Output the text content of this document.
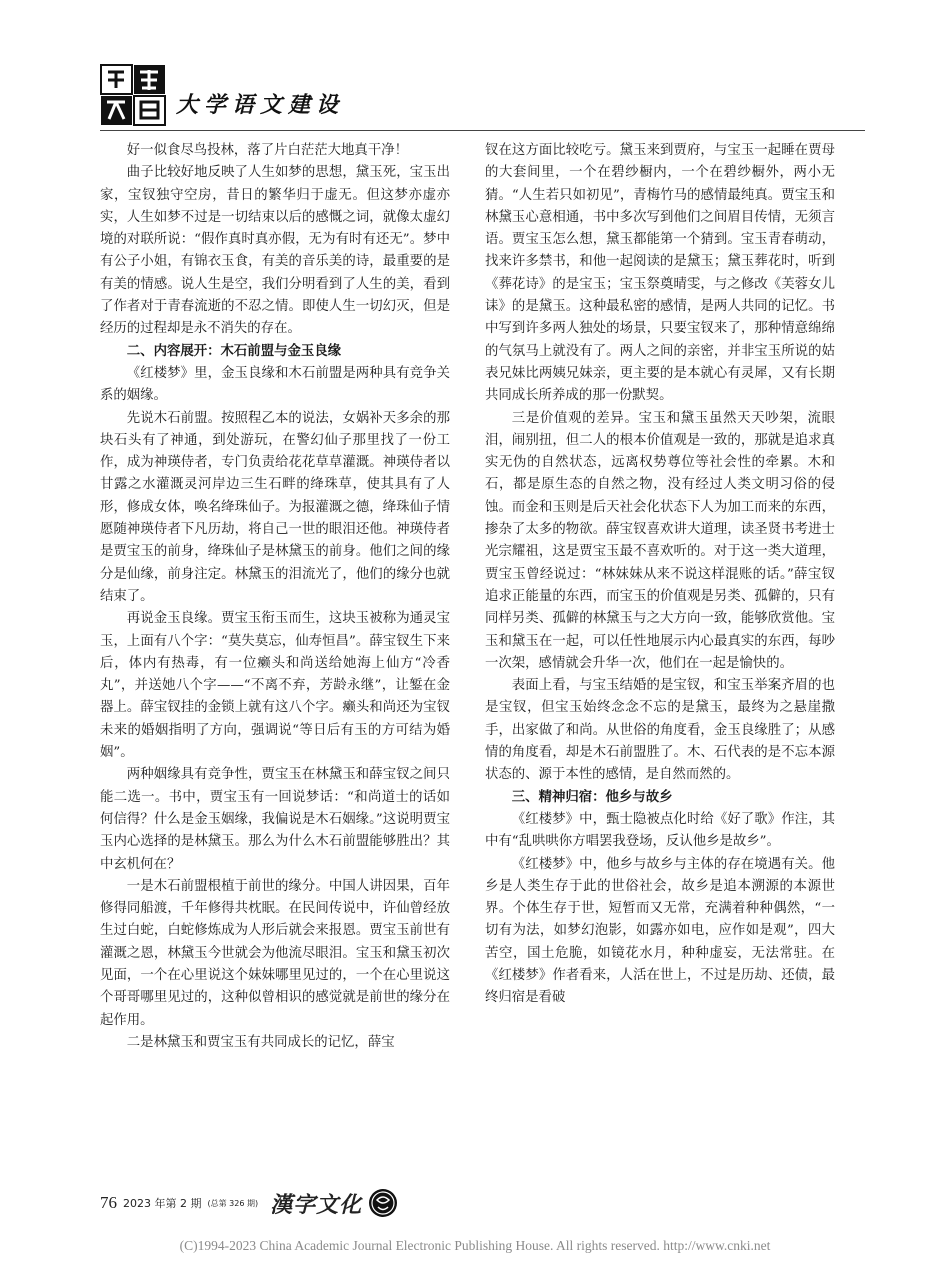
大学语文建设

好一似食尽鸟投林，落了片白茫茫大地真干净！

曲子比较好地反映了人生如梦的思想，黛玉死，宝玉出家，宝钗独守空房，昔日的繁华归于虚无。但这梦亦虚亦实，人生如梦不过是一切结束以后的感慨之词，就像太虚幻境的对联所说：“假作真时真亦假，无为有时有还无”。梦中有公子小姐，有锦衣玉食，有美的音乐美的诗，最重要的是有美的情感。说人生是空，我们分明看到了人生的美，看到了作者对于青春流逝的不忍之情。即使人生一切幻灭，但是经历的过程却是永不消失的存在。

二、内容展开：木石前盟与金玉良缘

《红楼梦》里，金玉良缘和木石前盟是两种具有竞争关系的姻缘。

先说木石前盟。按照程乙本的说法，女娲补天多余的那块石头有了神通，到处游玩，在警幻仙子那里找了一份工作，成为神瑛侍者，专门负责给花花草草灌溉。神瑛侍者以甘露之水灌溉灵河岸边三生石畔的绛珠草，使其具有了人形，修成女体，唤名绛珠仙子。为报灌溉之德，绛珠仙子情愿随神瑛侍者下凡历劫，将自己一世的眼泪还他。神瑛侍者是贾宝玉的前身，绛珠仙子是林黛玉的前身。他们之间的缘分是仙缘，前身注定。林黛玉的泪流光了，他们的缘分也就结束了。

再说金玉良缘。贾宝玉衔玉而生，这块玉被称为通灵宝玉，上面有八个字：“莫失莫忘，仙寿恒昌”。薛宝钗生下来后，体内有热毒，有一位癞头和尚送给她海上仙方“冷香丸”，并送她八个字——“不离不弃，芳龄永继”，让錾在金器上。薛宝钗挂的金锁上就有这八个字。癞头和尚还为宝钗未来的婚姻指明了方向，强调说“等日后有玉的方可结为婚姻”。

两种姻缘具有竞争性，贾宝玉在林黛玉和薛宝钗之间只能二选一。书中，贾宝玉有一回说梦话：“和尚道士的话如何信得？什么是金玉姻缘，我偏说是木石姻缘。”这说明贾宝玉内心选择的是林黛玉。那么为什么木石前盟能够胜出？其中玄机何在？

一是木石前盟根植于前世的缘分。中国人讲因果，百年修得同船渡，千年修得共枕眠。在民间传说中，许仙曾经放生过白蛇，白蛇修炼成为人形后就会来报恩。贾宝玉前世有灌溉之恩，林黛玉今世就会为他流尽眼泪。宝玉和黛玉初次见面，一个在心里说这个妹妹哪里见过的，一个在心里说这个哥哥哪里见过的，这种似曾相识的感觉就是前世的缘分在起作用。

二是林黛玉和贾宝玉有共同成长的记忆，薛宝

钗在这方面比较吃亏。黛玉来到贾府，与宝玉一起睡在贾母的大套间里，一个在碧纱橱内，一个在碧纱橱外，两小无猜。“人生若只如初见”，青梅竹马的感情最纯真。贾宝玉和林黛玉心意相通，书中多次写到他们之间眉目传情，无须言语。贾宝玉怎么想，黛玉都能第一个猜到。宝玉青春萌动，找来许多禁书，和他一起阅读的是黛玉；黛玉葬花时，听到《葬花诗》的是宝玉；宝玉祭奠晴雯，与之修改《芙蓉女儿诔》的是黛玉。这种最私密的感情，是两人共同的记忆。书中写到许多两人独处的场景，只要宝钗来了，那种情意绵绵的气氛马上就没有了。两人之间的亲密，并非宝玉所说的姑表兄妹比两姨兄妹亲，更主要的是本就心有灵犀，又有长期共同成长所养成的那一份默契。

三是价值观的差异。宝玉和黛玉虽然天天吵架，流眼泪，闹别扭，但二人的根本价值观是一致的，那就是追求真实无伪的自然状态，远离权势尊位等社会性的牵累。木和石，都是原生态的自然之物，没有经过人类文明习俗的侵蚀。而金和玉则是后天社会化状态下人为加工而来的东西，掺杂了太多的物欲。薛宝钗喜欢讲大道理，读圣贤书考进士光宗耀祖，这是贾宝玉最不喜欢听的。对于这一类大道理，贾宝玉曾经说过：“林妹妹从来不说这样混账的话。”薛宝钗追求正能量的东西，而宝玉的价值观是另类、孤僻的，只有同样另类、孤僻的林黛玉与之大方向一致，能够欣赏他。宝玉和黛玉在一起，可以任性地展示内心最真实的东西，每吵一次架，感情就会升华一次，他们在一起是愉快的。

表面上看，与宝玉结婚的是宝钗，和宝玉举案齐眉的也是宝钗，但宝玉始终念念不忘的是黛玉，最终为之悬崖撒手，出家做了和尚。从世俗的角度看，金玉良缘胜了；从感情的角度看，却是木石前盟胜了。木、石代表的是不忘本源状态的、源于本性的感情，是自然而然的。

三、精神归宿：他乡与故乡

《红楼梦》中，甄士隐被点化时给《好了歌》作注，其中有“乱哄哄你方唱罢我登场，反认他乡是故乡”。

《红楼梦》中，他乡与故乡与主体的存在境遇有关。他乡是人类生存于此的世俗社会，故乡是追本溯源的本源世界。个体生存于世，短暂而又无常，充满着种种偶然，“一切有为法，如梦幻泡影，如露亦如电，应作如是观”，四大苦空，国土危脆，如镜花水月，种种虚妄，无法常驻。在《红楼梦》作者看来，人活在世上，不过是历劫、还债，最终归宿是看破

76 2023 年第 2 期 (总第 326 期) 漢字文化
(C)1994-2023 China Academic Journal Electronic Publishing House. All rights reserved. http://www.cnki.net
